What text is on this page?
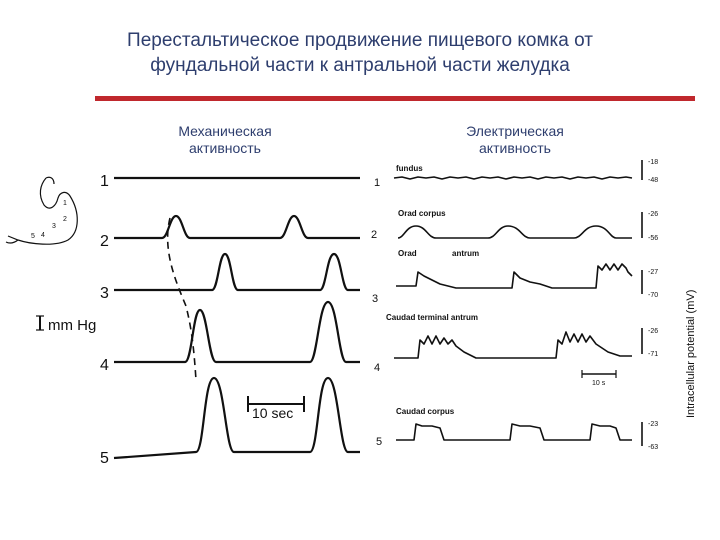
Перестальтическое продвижение пищевого комка от
фундальной части к антральной части желудка
Механическая
активность
Электрическая
активность
1
2
3
4
5
1
2
3
4
5
mm Hg
10 sec
1
2
3
4
5
fundus
Orad corpus
Orad	antrum
Caudad terminal antrum
Caudad corpus
-18
-48
-26
-56
-27
-70
-26
-71
-23
-63
10 s	Intracellular potential (mV)
